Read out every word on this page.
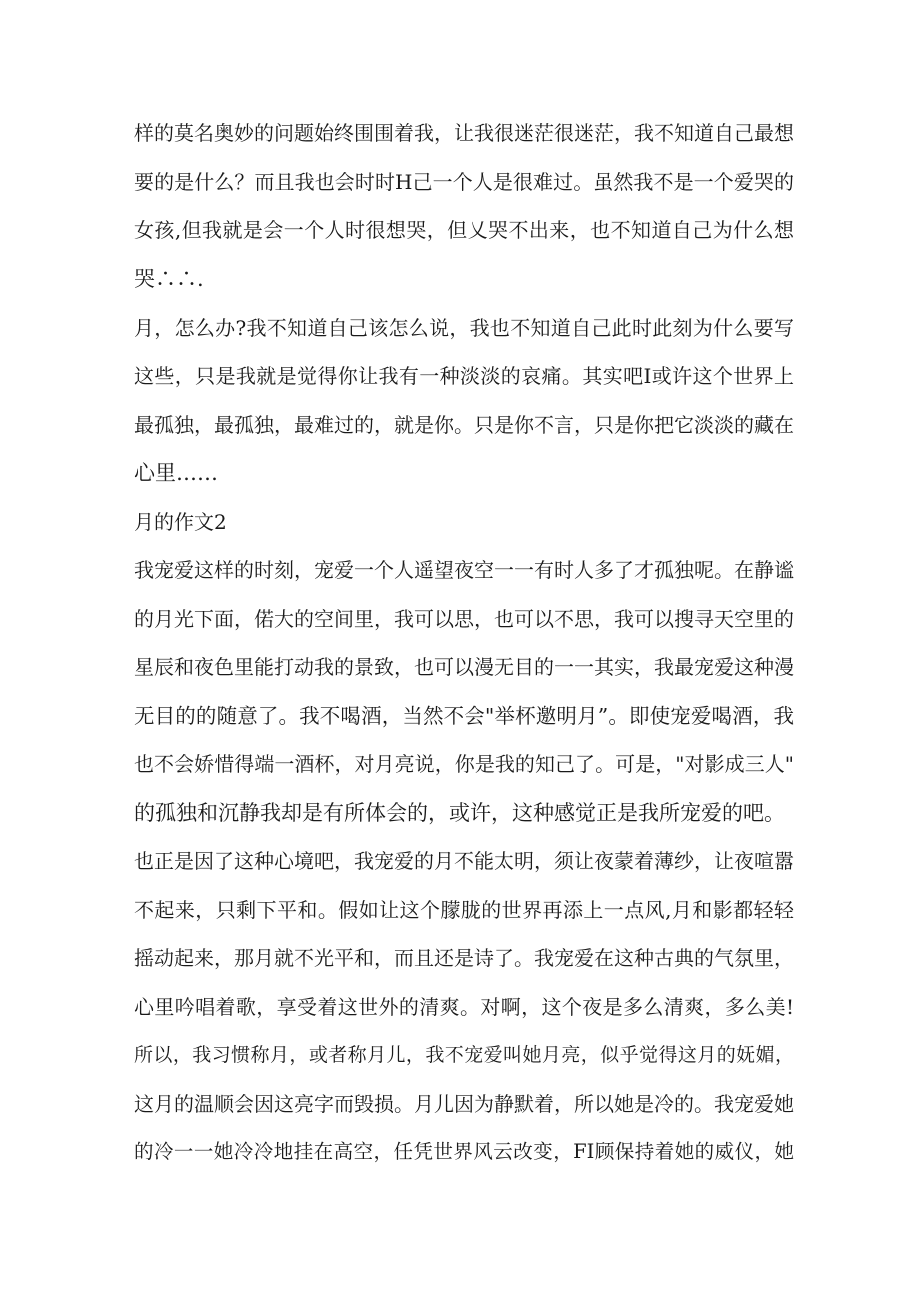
样的莫名奥妙的问题始终围围着我，让我很迷茫很迷茫，我不知道自己最想
要的是什么？而且我也会时时H己一个人是很难过。虽然我不是一个爱哭的
女孩,但我就是会一个人时很想哭，但乂哭不出来，也不知道自己为什么想
哭∴∴.
月，怎么办?我不知道自己该怎么说，我也不知道自己此时此刻为什么要写
这些，只是我就是觉得你让我有一种淡淡的哀痛。其实吧I或许这个世界上
最孤独，最孤独，最难过的，就是你。只是你不言，只是你把它淡淡的藏在
心里……
月的作文2
我宠爱这样的时刻，宠爱一个人遥望夜空一一有时人多了才孤独呢。在静谧
的月光下面，偌大的空间里，我可以思，也可以不思，我可以搜寻天空里的
星辰和夜色里能打动我的景致，也可以漫无目的一一其实，我最宠爱这种漫
无目的的随意了。我不喝酒，当然不会"举杯邀明月”。即使宠爱喝酒，我
也不会娇惜得端一酒杯，对月亮说，你是我的知己了。可是，"对影成三人"
的孤独和沉静我却是有所体会的，或许，这种感觉正是我所宠爱的吧。
也正是因了这种心境吧，我宠爱的月不能太明，须让夜蒙着薄纱，让夜喧嚣
不起来，只剩下平和。假如让这个朦胧的世界再添上一点风,月和影都轻轻
摇动起来，那月就不光平和，而且还是诗了。我宠爱在这种古典的气氛里，
心里吟唱着歌，享受着这世外的清爽。对啊，这个夜是多么清爽，多么美!
所以，我习惯称月，或者称月儿，我不宠爱叫她月亮，似乎觉得这月的妩媚，
这月的温顺会因这亮字而毁损。月儿因为静默着，所以她是冷的。我宠爱她
的冷一一她冷冷地挂在高空，任凭世界风云改变，FI顾保持着她的威仪，她
